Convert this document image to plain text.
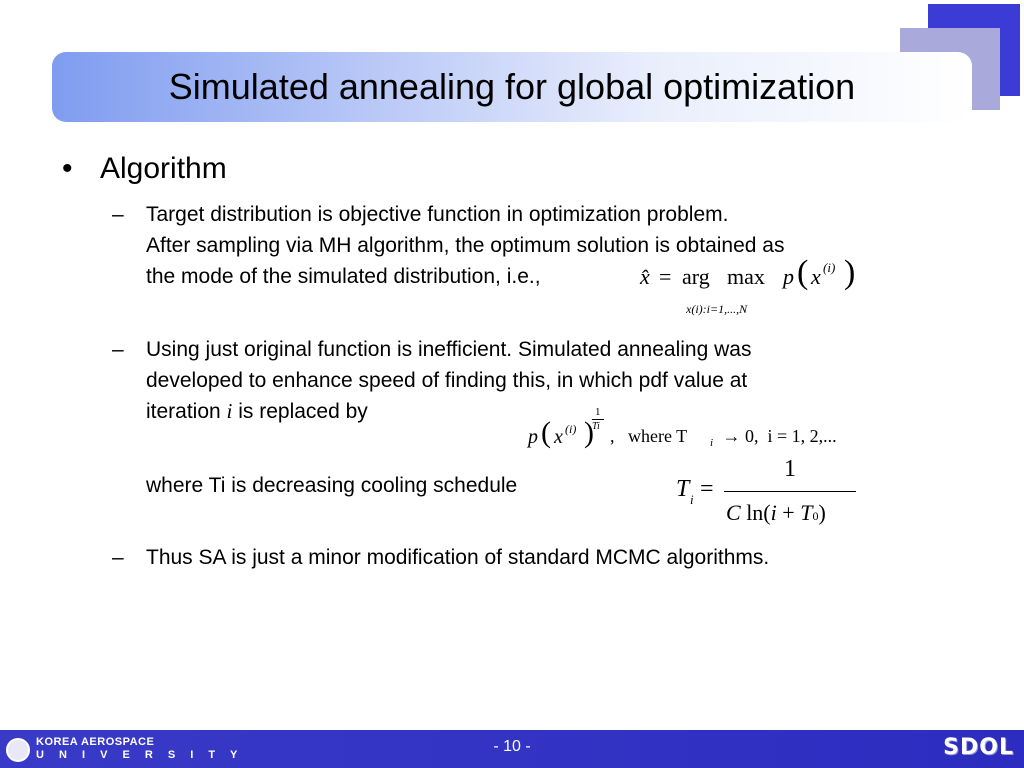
Simulated annealing for global optimization
• Algorithm
– Target distribution is objective function in optimization problem.
After sampling via MH algorithm, the optimum solution is obtained as
the mode of the simulated distribution, i.e.,	x̂ = arg max
x(i):i=1,...,N
p ( x (i) )
– Using just original function is inefficient. Simulated annealing was
developed to enhance speed of finding this, in which pdf value at
iteration i is replaced by
p ( x (i) )
1
Ti ,   where T i → 0,  i = 1, 2,...
where Ti is decreasing cooling schedule	T i =
1
C ln(i + T0)
– Thus SA is just a minor modification of standard MCMC algorithms.
KOREA AEROSPACE
U N I V E R S I T Y	- 10 -	SDOL
